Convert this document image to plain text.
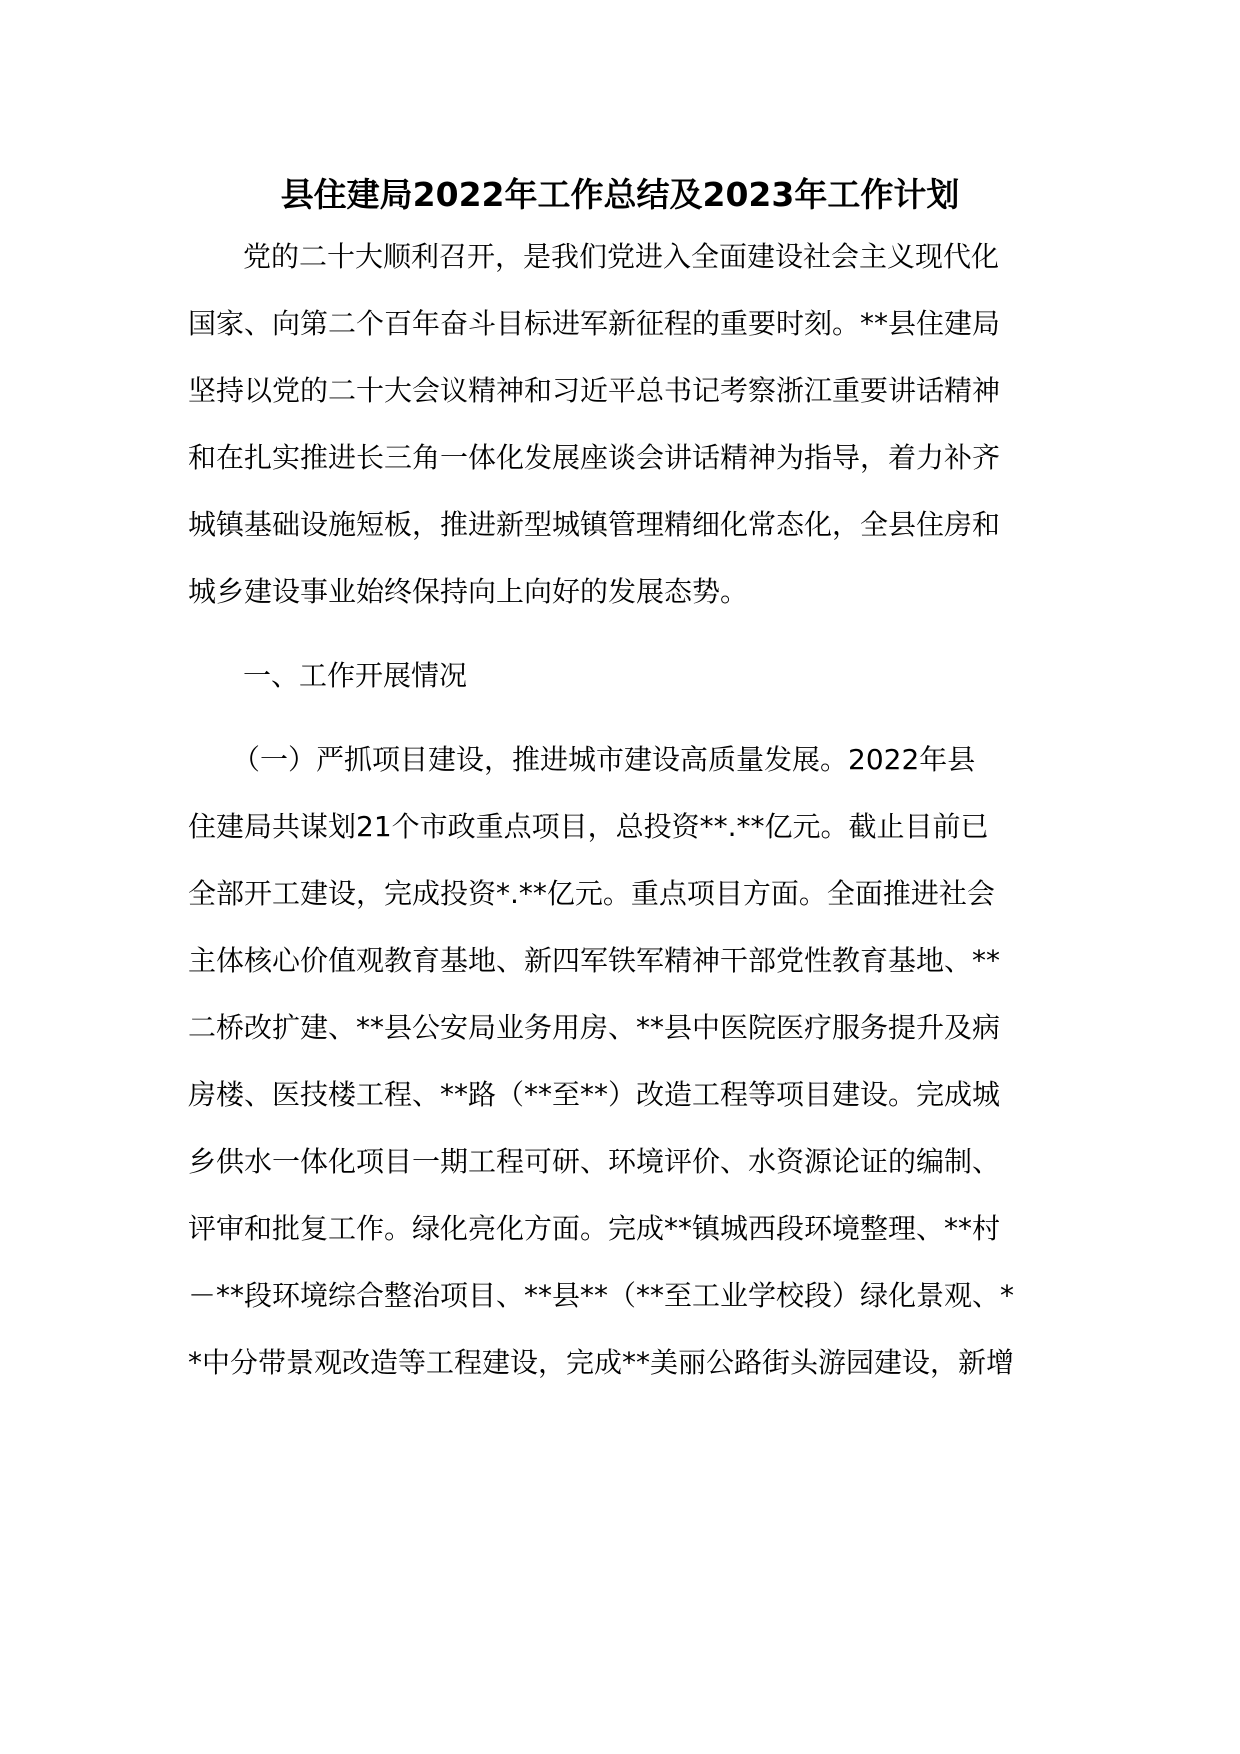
县住建局2022年工作总结及2023年工作计划
党的二十大顺利召开，是我们党进入全面建设社会主义现代化
国家、向第二个百年奋斗目标进军新征程的重要时刻。**县住建局
坚持以党的二十大会议精神和习近平总书记考察浙江重要讲话精神
和在扎实推进长三角一体化发展座谈会讲话精神为指导，着力补齐
城镇基础设施短板，推进新型城镇管理精细化常态化，全县住房和
城乡建设事业始终保持向上向好的发展态势。
一、工作开展情况
（一）严抓项目建设，推进城市建设高质量发展。2022年县
住建局共谋划21个市政重点项目，总投资**.**亿元。截止目前已
全部开工建设，完成投资*.**亿元。重点项目方面。全面推进社会
主体核心价值观教育基地、新四军铁军精神干部党性教育基地、**
二桥改扩建、**县公安局业务用房、**县中医院医疗服务提升及病
房楼、医技楼工程、**路（**至**）改造工程等项目建设。完成城
乡供水一体化项目一期工程可研、环境评价、水资源论证的编制、
评审和批复工作。绿化亮化方面。完成**镇城西段环境整理、**村
－**段环境综合整治项目、**县**（**至工业学校段）绿化景观、*
*中分带景观改造等工程建设，完成**美丽公路街头游园建设，新增
